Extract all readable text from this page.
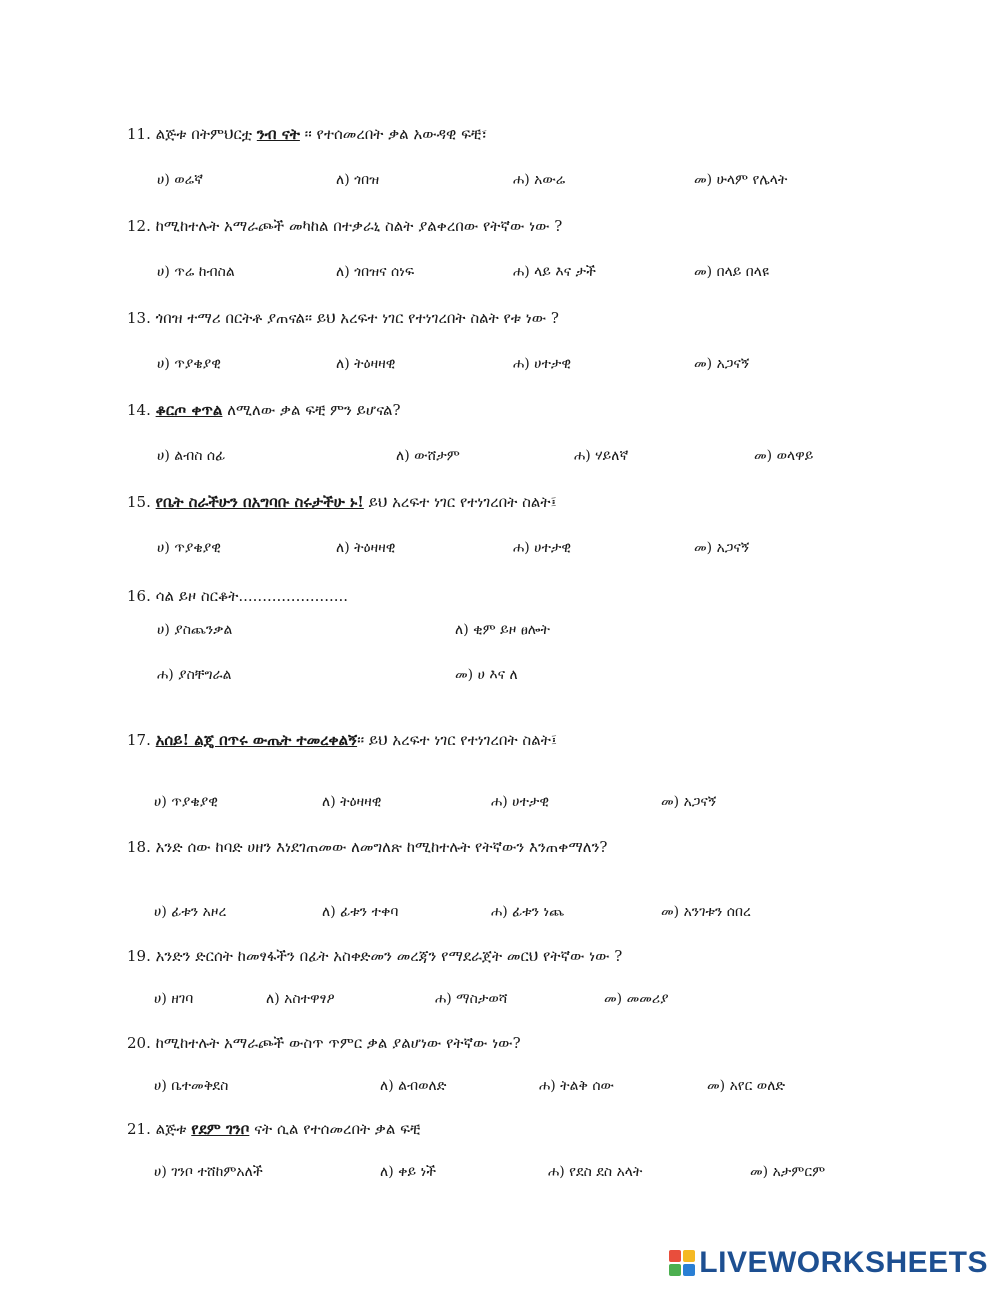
11. ልጅቱ በትምህርቷ ንብ ናት ፡፡ የተሰመረበት ቃል አውዳዊ ፍቺ፣
ሀ) ወሬኛ	ለ) ጎበዝ	ሐ) አውሬ	መ) ሁላም የሌላት
12. ከሚከተሉት አማራጮች መካከል በተቃራኒ ስልት ያልቀረበው የትኛው ነው ?
ሀ) ጥሬ ከብስል	ለ) ጎበዝና ሰነፍ	ሐ) ላይ እና ታች	መ) በላይ በላዩ
13. ጎበዝ ተማሪ በርትቶ ያጠናል፡፡ ይህ አረፍተ ነገር የተነገረበት ስልት የቱ ነው ?
ሀ) ጥያቄያዊ	ለ) ትዕዛዛዊ	ሐ) ሀተታዊ	መ) አጋናኝ
14. ቆርጦ ቀጥል ለሚለው ቃል ፍቺ ምን ይሆናል?
ሀ) ልብስ ሰፊ	ለ) ውሸታም	ሐ) ሃይለኛ	መ) ወላዋይ
15. የቤት ስራችሁን በአግባቡ ስሩታችሁ ኑ! ይህ አረፍተ ነገር የተነገረበት ስልት፤
ሀ) ጥያቄያዊ	ለ) ትዕዛዛዊ	ሐ) ሀተታዊ	መ) አጋናኝ
16. ሳል ይዞ ስርቆት.......................
ሀ) ያስጨንቃል	ለ) ቂም ይዞ ፀሎት
ሐ) ያስቸግራል	መ) ሀ እና ለ
17. አሰይ! ልጄ በጥሩ ውጤት ተመረቀልኝ፡፡ ይህ አረፍተ ነገር የተነገረበት ስልት፤
ሀ) ጥያቄያዊ	ለ) ትዕዛዛዊ	ሐ) ሀተታዊ	መ) አጋናኝ
18. አንድ ሰው ከባድ ሀዘን እነደገጠመው ለመግለጽ ከሚከተሉት የትኛውን እንጠቀማለን?
ሀ) ፊቱን አዞረ	ለ) ፊቱን ተቀባ	ሐ) ፊቱን ነጨ	መ) አንገቱን ሰበረ
19. አንድን ድርሰት ከመፃፋችን በፊት አስቀድመን መረጃን የማደራጀት መርህ የትኛው ነው ?
ሀ) ዘገባ	ለ) አስተዋፃዖ	ሐ) ማስታወሻ	መ) መመሪያ
20. ከሚከተሉት አማራጮች ውስጥ ጥምር ቃል ያልሆነው የትኛው ነው?
ሀ) ቤተመቅደስ	ለ) ልብወለድ	ሐ) ትልቅ ሰው	መ) አየር ወለድ
21. ልጅቱ የደም ገንቦ ናት ሲል የተሰመረበት ቃል ፍቺ
ሀ) ገንቦ ተሸከምአለች	ለ) ቀይ ነች	ሐ) የደስ ደስ አላት	መ) አታምርም
LIVEWORKSHEETS
